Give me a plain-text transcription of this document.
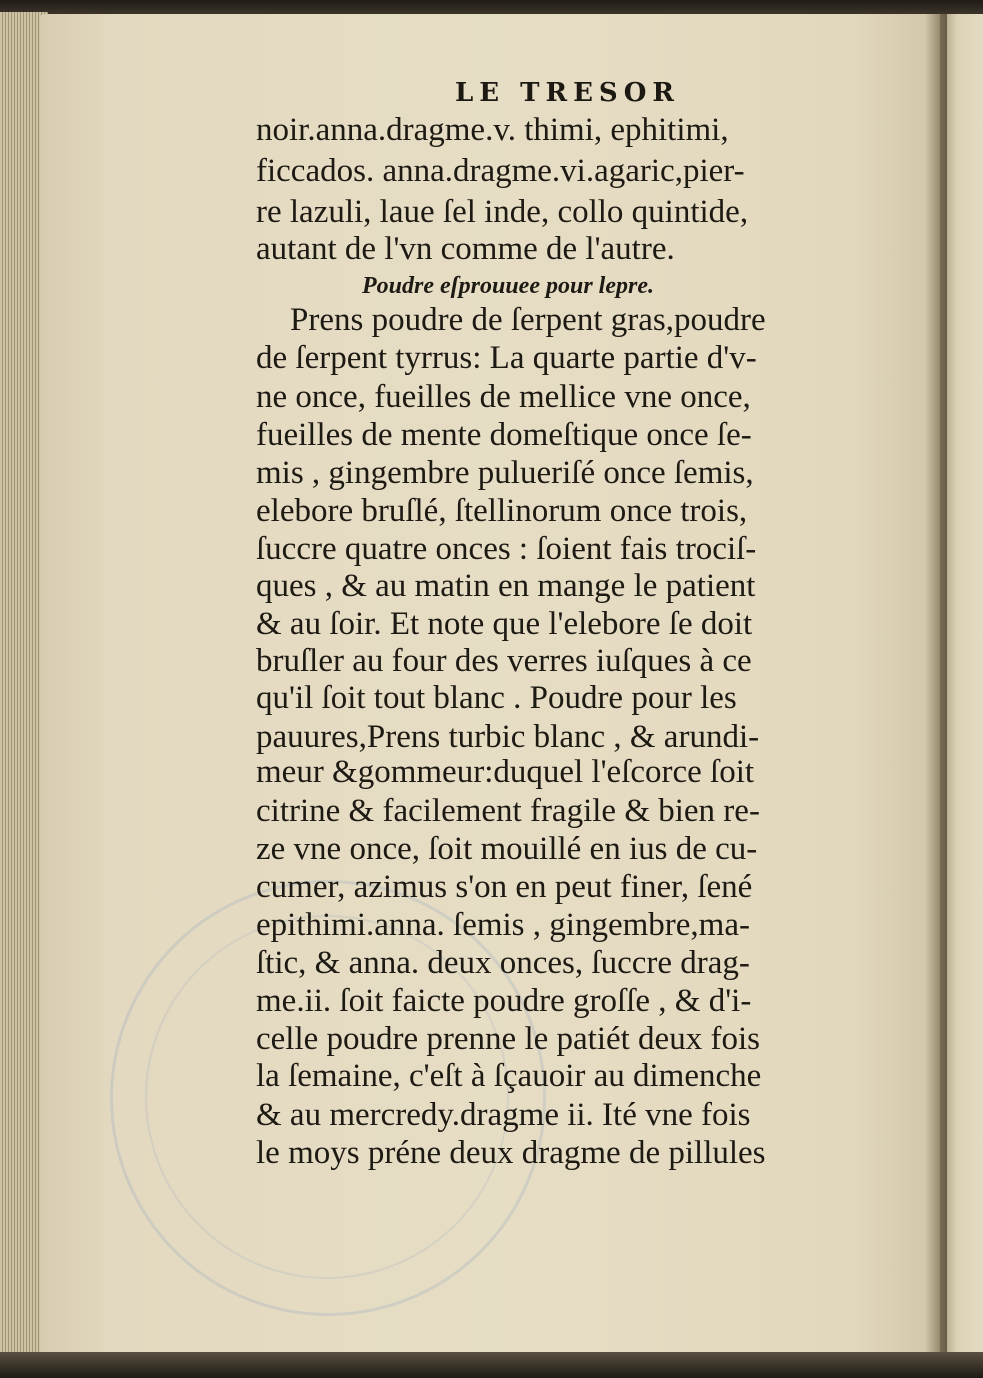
LE TRESOR
noir.anna.dragme.v. thimi, ephitimi,
ficcados. anna.dragme.vi.agaric,pier-
re lazuli, laue ſel inde, collo quintide,
autant de l'vn comme de l'autre.
Poudre eſprouuee pour lepre.
Prens poudre de ſerpent gras,poudre
de ſerpent tyrrus: La quarte partie d'v-
ne once, fueilles de mellice vne once,
fueilles de mente domeſtique once ſe-
mis , gingembre pulueriſé once ſemis,
elebore bruſlé, ſtellinorum once trois,
ſuccre quatre onces : ſoient fais trociſ-
ques , & au matin en mange le patient
& au ſoir. Et note que l'elebore ſe doit
bruſler au four des verres iuſques à ce
qu'il ſoit tout blanc . Poudre pour les
pauures,Prens turbic blanc , & arundi-
meur &gommeur:duquel l'eſcorce ſoit
citrine & facilement fragile & bien re-
ze vne once, ſoit mouillé en ius de cu-
cumer, azimus s'on en peut finer, ſené
epithimi.anna. ſemis , gingembre,ma-
ſtic, & anna. deux onces, ſuccre drag-
me.ii. ſoit faicte poudre groſſe , & d'i-
celle poudre prenne le patiét deux fois
la ſemaine, c'eſt à ſçauoir au dimenche
& au mercredy.dragme ii. Ité vne fois
le moys préne deux dragme de pillules
